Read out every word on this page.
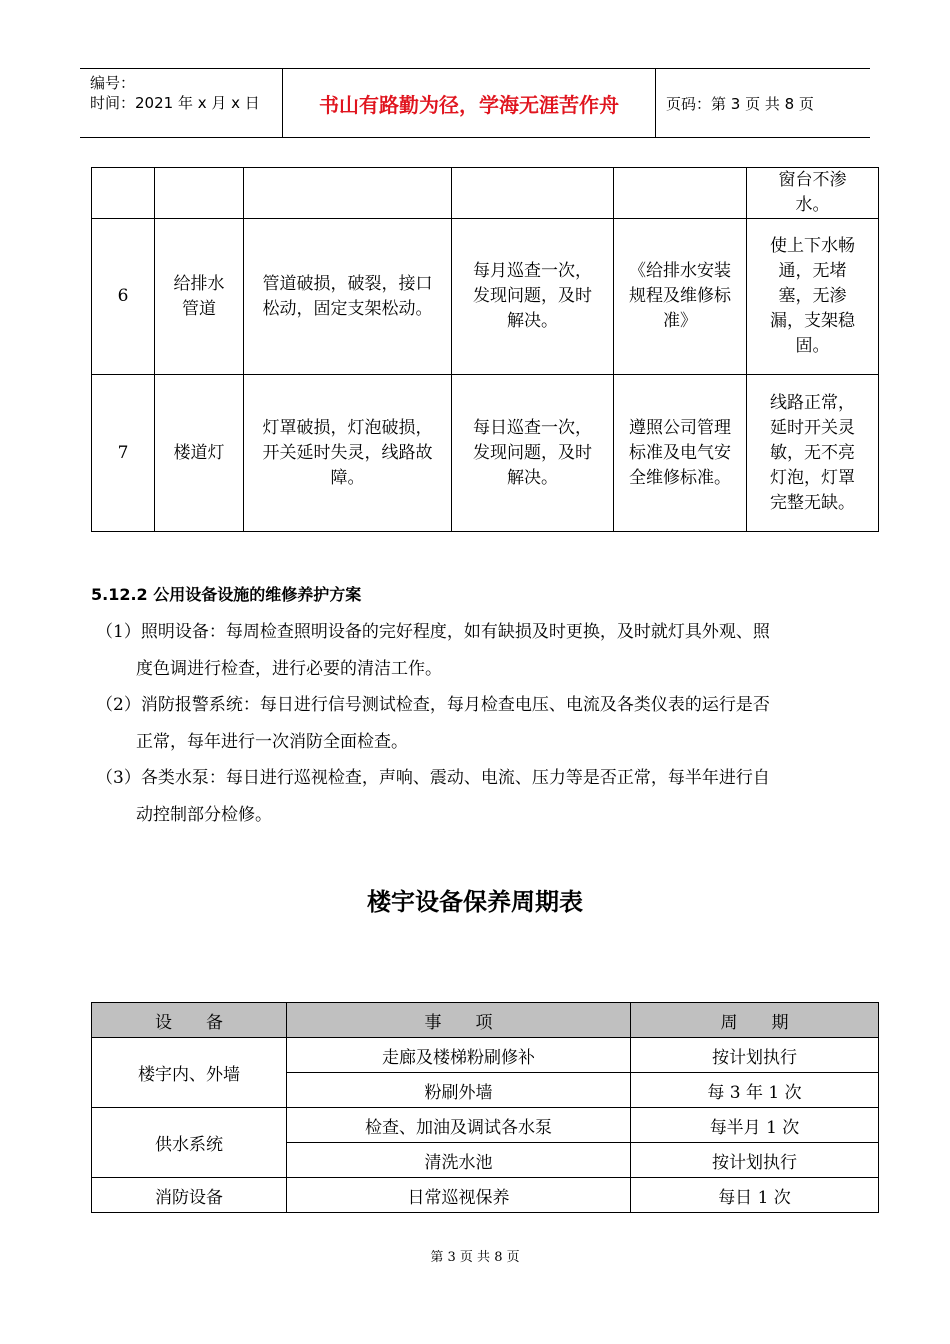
编号：
时间：2021 年 x 月 x 日	书山有路勤为径，学海无涯苦作舟	页码：第 3 页 共 8 页
					窗台不渗水。
6	给排水管道	管道破损，破裂，接口松动，固定支架松动。	每月巡查一次，发现问题，及时解决。	《给排水安装规程及维修标准》	使上下水畅通，无堵塞，无渗漏，支架稳固。
7	楼道灯	灯罩破损，灯泡破损，开关延时失灵，线路故障。	每日巡查一次，发现问题，及时解决。	遵照公司管理标准及电气安全维修标准。	线路正常，延时开关灵敏，无不亮灯泡，灯罩完整无缺。
5.12.2 公用设备设施的维修养护方案
（1）照明设备：每周检查照明设备的完好程度，如有缺损及时更换，及时就灯具外观、照
度色调进行检查，进行必要的清洁工作。
（2）消防报警系统：每日进行信号测试检查，每月检查电压、电流及各类仪表的运行是否
正常，每年进行一次消防全面检查。
（3）各类水泵：每日进行巡视检查，声响、震动、电流、压力等是否正常，每半年进行自
动控制部分检修。
楼宇设备保养周期表
设　　备	事　　项	周　　期
楼宇内、外墙	走廊及楼梯粉刷修补	按计划执行
	粉刷外墙	每 3 年 1 次
供水系统	检查、加油及调试各水泵	每半月 1 次
	清洗水池	按计划执行
消防设备	日常巡视保养	每日 1 次
第 3 页 共 8 页
